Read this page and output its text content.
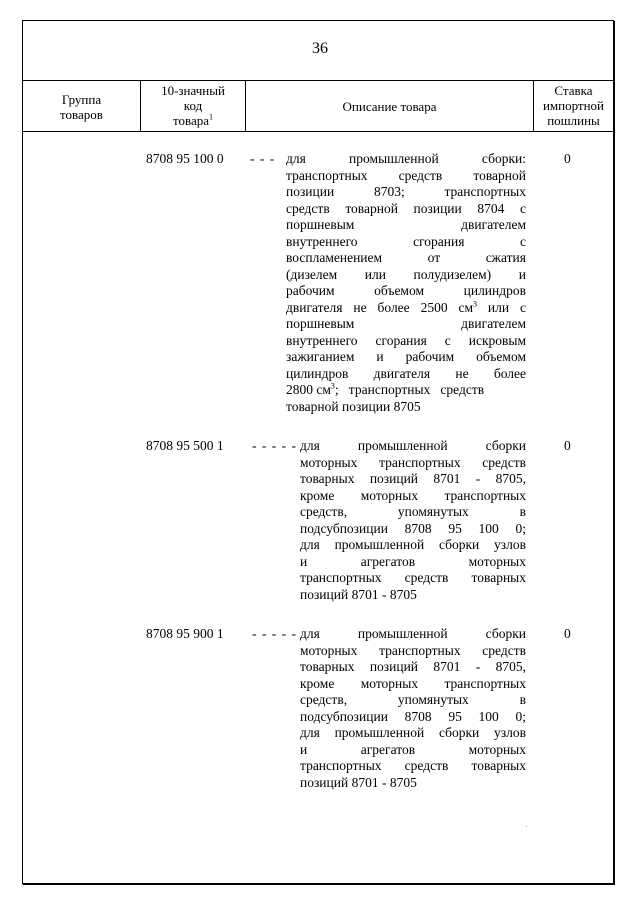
36
Группа
товаров
10-значный
код
товара$^1$
Описание товара
Ставка
импортной
пошлины
8708 95 100 0 - - - для промышленной сборки:
транспортных средств товарной
позиции 8703; транспортных
средств товарной позиции 8704 с
поршневым двигателем
внутреннего сгорания с
воспламенением от сжатия
(дизелем или полудизелем) и
рабочим объемом цилиндров
двигателя не более 2500 $см^3$ или с
поршневым двигателем
внутреннего сгорания с искровым
зажиганием и рабочим объемом
цилиндров двигателя не более
2800 $см^3$;   транспортных   средств
товарной позиции 8705
0
8708 95 500 1 - - - - - для промышленной сборки
моторных транспортных средств
товарных позиций 8701 - 8705,
кроме моторных транспортных
средств, упомянутых в
подсубпозиции 8708 95 100 0;
для промышленной сборки узлов
и агрегатов моторных
транспортных средств товарных
позиций 8701 - 8705
0
8708 95 900 1 - - - - - для промышленной сборки
моторных транспортных средств
товарных позиций 8701 - 8705,
кроме моторных транспортных
средств, упомянутых в
подсубпозиции 8708 95 100 0;
для промышленной сборки узлов
и агрегатов моторных
транспортных средств товарных
позиций 8701 - 8705
0
